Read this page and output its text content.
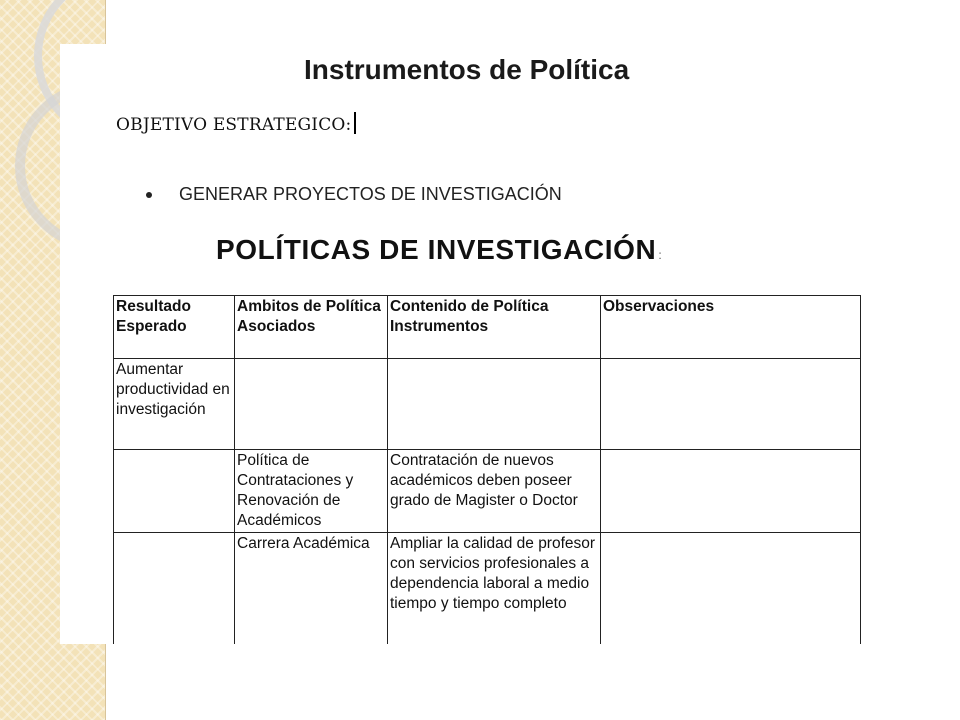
Instrumentos de Política
OBJETIVO ESTRATEGICO:
GENERAR PROYECTOS DE INVESTIGACIÓN
POLÍTICAS DE INVESTIGACIÓN :
Resultado Esperado	Ambitos de Política Asociados	Contenido de Política Instrumentos	Observaciones
Aumentar productividad en investigación			
	Política de Contrataciones y Renovación de Académicos	Contratación de nuevos académicos deben poseer grado de Magister o Doctor	
	Carrera Académica	Ampliar la calidad de profesor con servicios profesionales a dependencia laboral a medio tiempo y tiempo completo	
